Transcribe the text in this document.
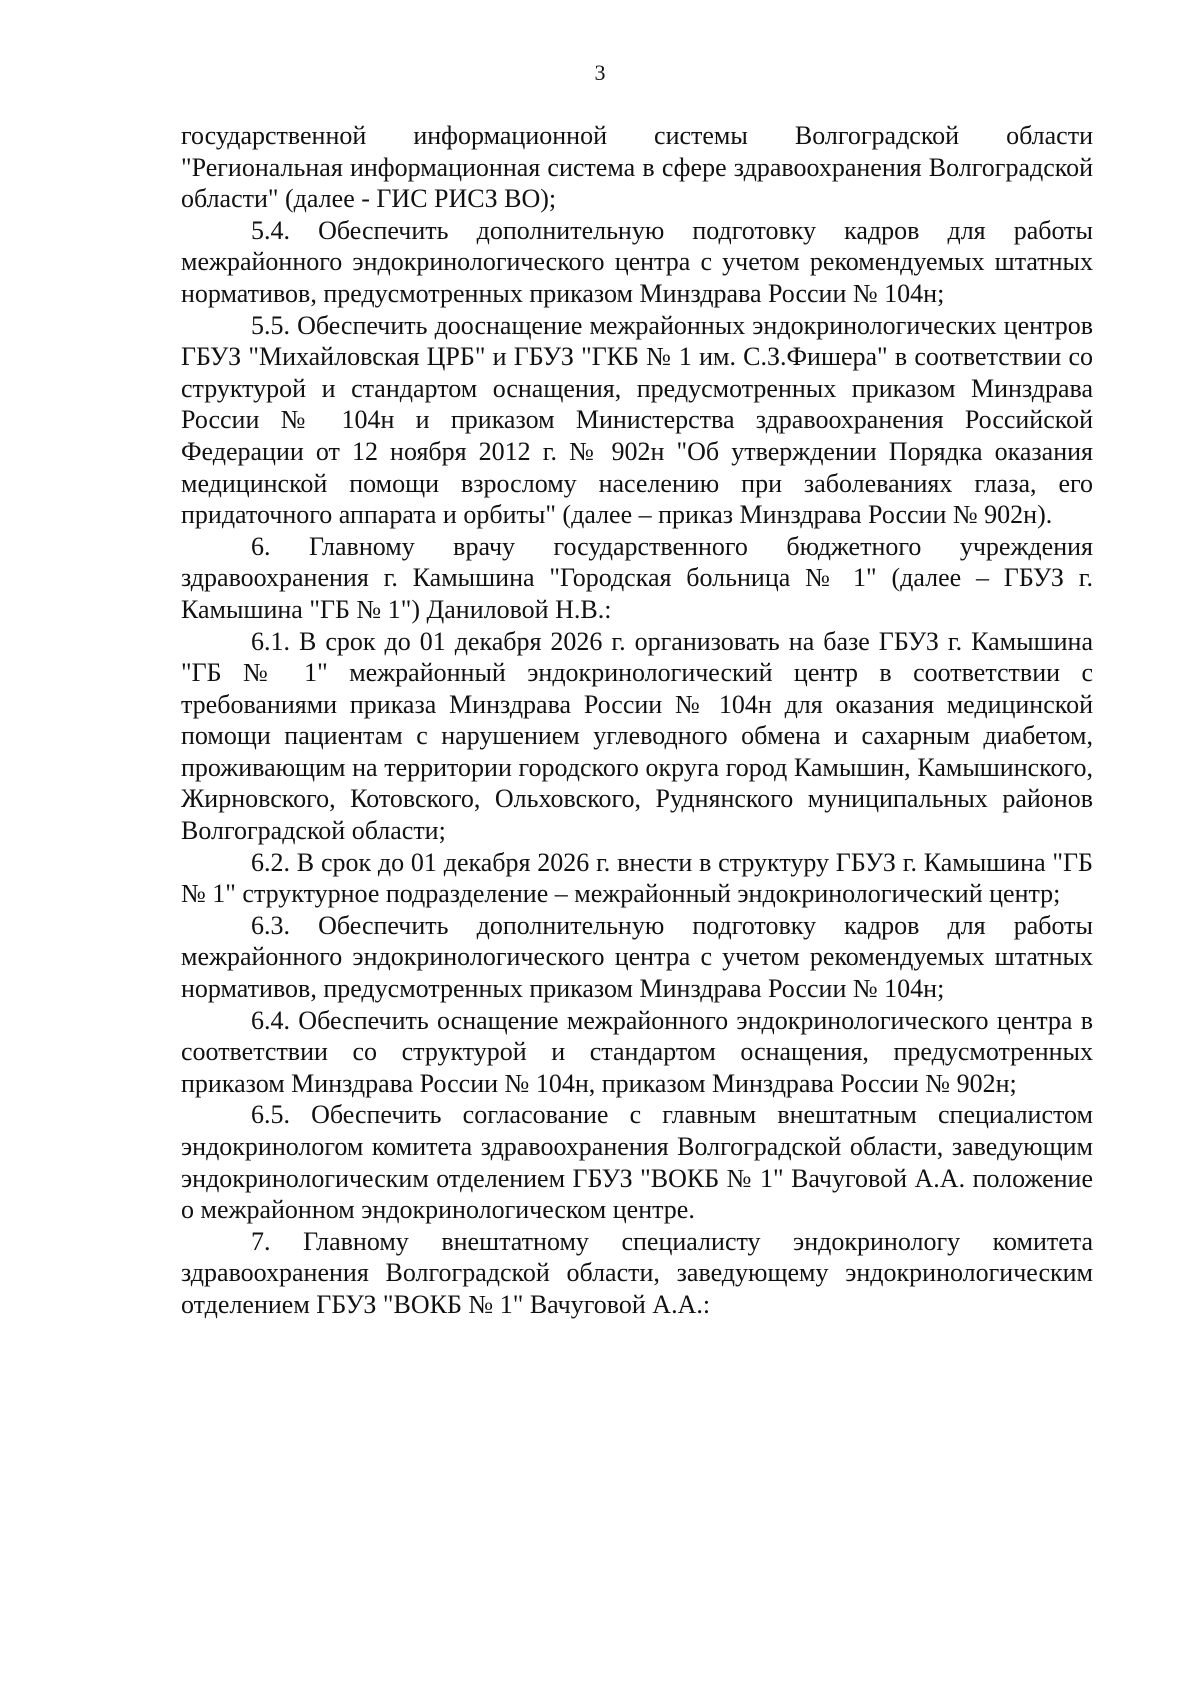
3

государственной информационной системы Волгоградской области "Региональная информационная система в сфере здравоохранения Волгоградской области" (далее - ГИС РИСЗ ВО);

5.4. Обеспечить дополнительную подготовку кадров для работы межрайонного эндокринологического центра с учетом рекомендуемых штатных нормативов, предусмотренных приказом Минздрава России № 104н;

5.5. Обеспечить дооснащение межрайонных эндокринологических центров ГБУЗ "Михайловская ЦРБ" и ГБУЗ "ГКБ № 1 им. С.З.Фишера" в соответствии со структурой и стандартом оснащения, предусмотренных приказом Минздрава России № 104н и приказом Министерства здравоохранения Российской Федерации от 12 ноября 2012 г. № 902н "Об утверждении Порядка оказания медицинской помощи взрослому населению при заболеваниях глаза, его придаточного аппарата и орбиты" (далее – приказ Минздрава России № 902н).

6. Главному врачу государственного бюджетного учреждения здравоохранения г. Камышина "Городская больница № 1" (далее – ГБУЗ г. Камышина "ГБ № 1") Даниловой Н.В.:

6.1. В срок до 01 декабря 2026 г. организовать на базе ГБУЗ г. Камышина "ГБ № 1" межрайонный эндокринологический центр в соответствии с требованиями приказа Минздрава России № 104н для оказания медицинской помощи пациентам с нарушением углеводного обмена и сахарным диабетом, проживающим на территории городского округа город Камышин, Камышинского, Жирновского, Котовского, Ольховского, Руднянского муниципальных районов Волгоградской области;

6.2. В срок до 01 декабря 2026 г. внести в структуру ГБУЗ г. Камышина "ГБ № 1" структурное подразделение – межрайонный эндокринологический центр;

6.3. Обеспечить дополнительную подготовку кадров для работы межрайонного эндокринологического центра с учетом рекомендуемых штатных нормативов, предусмотренных приказом Минздрава России № 104н;

6.4. Обеспечить оснащение межрайонного эндокринологического центра в соответствии со структурой и стандартом оснащения, предусмотренных приказом Минздрава России № 104н, приказом Минздрава России № 902н;

6.5. Обеспечить согласование с главным внештатным специалистом эндокринологом комитета здравоохранения Волгоградской области, заведующим эндокринологическим отделением ГБУЗ "ВОКБ № 1" Вачуговой А.А. положение о межрайонном эндокринологическом центре.

7. Главному внештатному специалисту эндокринологу комитета здравоохранения Волгоградской области, заведующему эндокринологическим отделением ГБУЗ "ВОКБ № 1" Вачуговой А.А.:
